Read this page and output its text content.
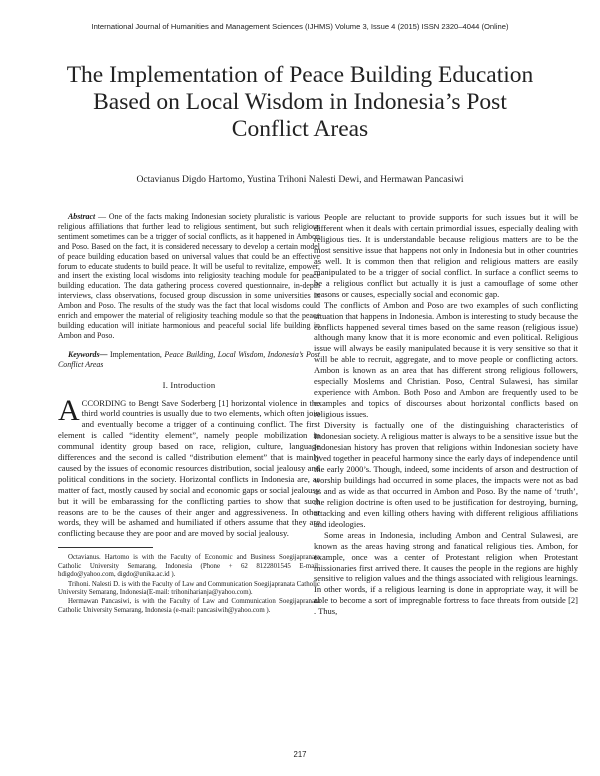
International Journal of Humanities and Management Sciences (IJHMS) Volume 3, Issue 4 (2015) ISSN 2320–4044 (Online)
The Implementation of Peace Building Education Based on Local Wisdom in Indonesia’s Post Conflict Areas
Octavianus Digdo Hartomo, Yustina Trihoni Nalesti Dewi, and Hermawan Pancasiwi

Abstract — One of the facts making Indonesian society pluralistic is various religious affiliations that further lead to religious sentiment, but such religious sentiment sometimes can be a trigger of social conflicts, as it happened in Ambon and Poso. Based on the fact, it is considered necessary to develop a certain model of peace building education based on universal values that could be an effective forum to educate students to build peace. It will be useful to revitalize, empower, and insert the existing local wisdoms into religiosity teaching module for peace building education. The data gathering process covered questionnaire, in-depth interviews, class observations, focused group discussion in some universities in Ambon and Poso. The results of the study was the fact that local wisdoms could enrich and empower the material of religiosity teaching module so that the peace building education will initiate harmonious and peaceful social life building in Ambon and Poso.

Keywords— Implementation, Peace Building, Local Wisdom, Indonesia’s Post Conflict Areas

I. Introduction

ACCORDING to Bengt Save Soderberg [1] horizontal violence in the third world countries is usually due to two elements, which often join and eventually become a trigger of a continuing conflict. The first element is called “identity element”, namely people mobilization in communal identity group based on race, religion, culture, language differences and the second is called “distribution element” that is mainly caused by the issues of economic resources distribution, social jealousy and political conditions in the society. Horizontal conflicts in Indonesia are, as matter of fact, mostly caused by social and economic gaps or social jealousy but it will be embarassing for the conflicting parties to show that such reasons are to be the causes of their anger and aggressiveness. In other words, they will be ashamed and humiliated if others assume that they are conflicting because they are poor and are moved by social jealousy.

Octavianus. Hartomo is with the Faculty of Economic and Business Soegijapranata Catholic University Semarang, Indonesia (Phone + 62 8122801545 E-mail: hdigdo@yahoo.com, digdo@unika.ac.id ).

Trihoni. Nalesti D. is with the Faculty of Law and Communication Soegijapranata Catholic University Semarang, Indonesia(E-mail: trihoniharianja@yahoo.com).

Hermawan Pancasiwi, is with the Faculty of Law and Communication Soegijapranata Catholic University Semarang, Indonesia (e-mail: pancasiwih@yahoo.com ).

People are reluctant to provide supports for such issues but it will be different when it deals with certain primordial issues, especially dealing with religious ties. It is understandable because religious matters are to be the most sensitive issue that happens not only in Indonesia but in other countries as well. It is common then that religion and religious matters are easily manipulated to be a trigger of social conflict. In surface a conflict seems to be a religious conflict but actually it is just a camouflage of some other reasons or causes, especially social and economic gap.

The conflicts of Ambon and Poso are two examples of such conflicting situation that happens in Indonesia. Ambon is interesting to study because the conflicts happened several times based on the same reason (religious issue) although many know that it is more economic and even political. Religious issue will always be easily manipulated because it is very sensitive so that it will be able to recruit, aggregate, and to move people or conflicting actors. Ambon is known as an area that has different strong religious followers, especially Moslems and Christian. Poso, Central Sulawesi, has similar experience with Ambon. Both Poso and Ambon are frequently used to be examples and topics of discourses about horizontal conflicts based on religious issues.

Diversity is factually one of the distinguishing characteristics of Indonesian society. A religious matter is always to be a sensitive issue but the Indonesian history has proven that religions within Indonesian society have lived together in peaceful harmony since the early days of independence until the early 2000’s. Though, indeed, some incidents of arson and destruction of worship buildings had occurred in some places, the impacts were not as bad as and as wide as that occurred in Ambon and Poso. By the name of ‘truth’, the religion doctrine is often used to be justification for destroying, burning, attacking and even killing others having with different religious affiliations and ideologies.

Some areas in Indonesia, including Ambon and Central Sulawesi, are known as the areas having strong and fanatical religious ties. Ambon, for example, once was a center of Protestant religion when Protestant missionaries first arrived there. It causes the people in the regions are highly sensitive to religion values and the things associated with religious learnings. In other words, if a religious learning is done in appropriate way, it will be able to become a sort of impregnable fortress to face threats from outside [2] . Thus,

217
